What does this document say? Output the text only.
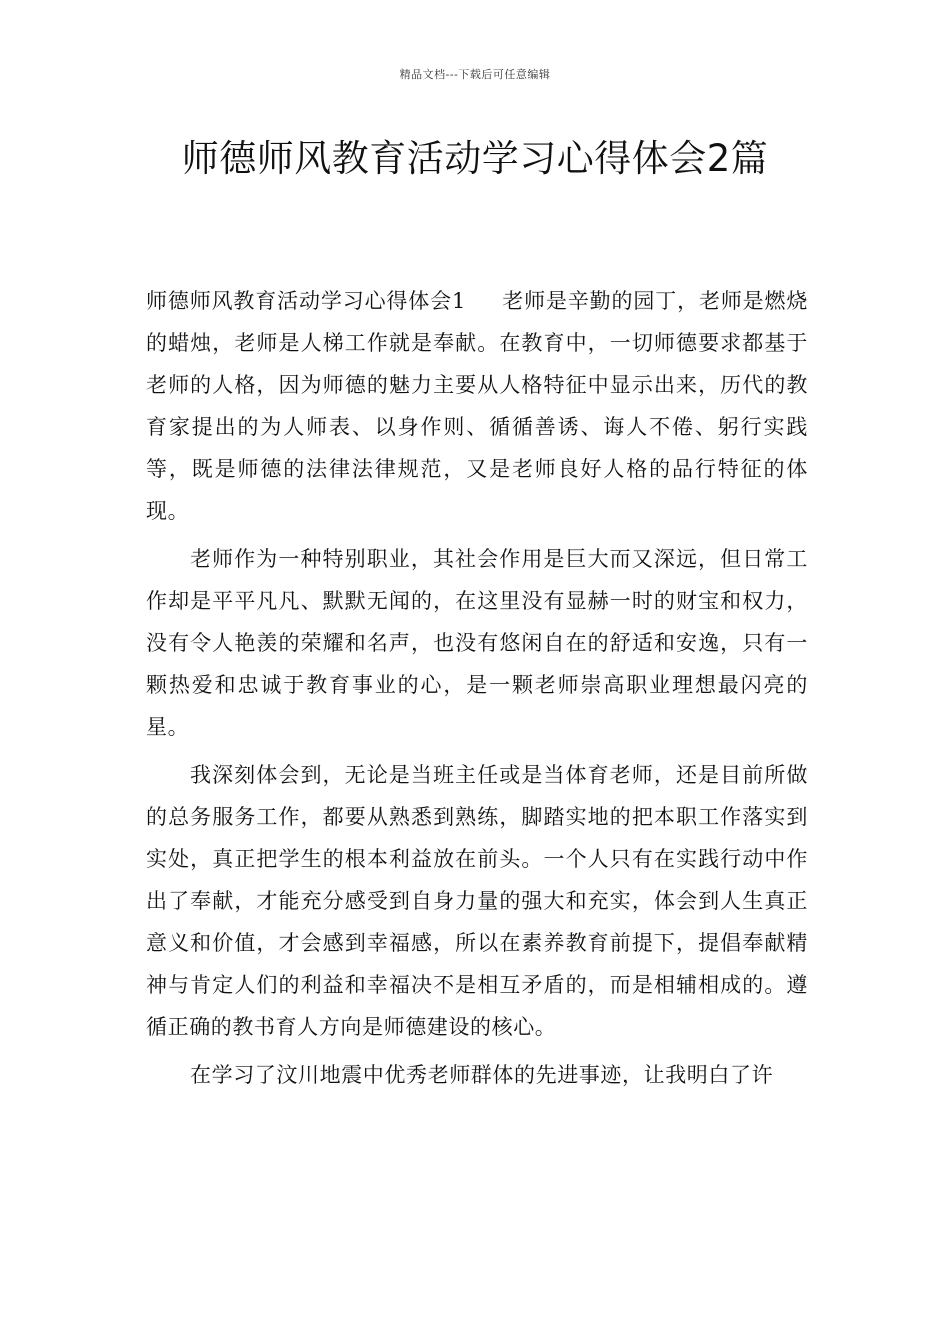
精品文档---下载后可任意编辑
师德师风教育活动学习心得体会2篇

师德师风教育活动学习心得体会1 老师是辛勤的园丁，老师是燃烧的蜡烛，老师是人梯工作就是奉献。在教育中，一切师德要求都基于老师的人格，因为师德的魅力主要从人格特征中显示出来，历代的教育家提出的为人师表、以身作则、循循善诱、诲人不倦、躬行实践等，既是师德的法律法律规范，又是老师良好人格的品行特征的体现。

老师作为一种特别职业，其社会作用是巨大而又深远，但日常工作却是平平凡凡、默默无闻的，在这里没有显赫一时的财宝和权力，没有令人艳羡的荣耀和名声，也没有悠闲自在的舒适和安逸，只有一颗热爱和忠诚于教育事业的心，是一颗老师崇高职业理想最闪亮的星。

我深刻体会到，无论是当班主任或是当体育老师，还是目前所做的总务服务工作，都要从熟悉到熟练，脚踏实地的把本职工作落实到实处，真正把学生的根本利益放在前头。一个人只有在实践行动中作出了奉献，才能充分感受到自身力量的强大和充实，体会到人生真正意义和价值，才会感到幸福感，所以在素养教育前提下，提倡奉献精神与肯定人们的利益和幸福决不是相互矛盾的，而是相辅相成的。遵循正确的教书育人方向是师德建设的核心。

在学习了汶川地震中优秀老师群体的先进事迹，让我明白了许
